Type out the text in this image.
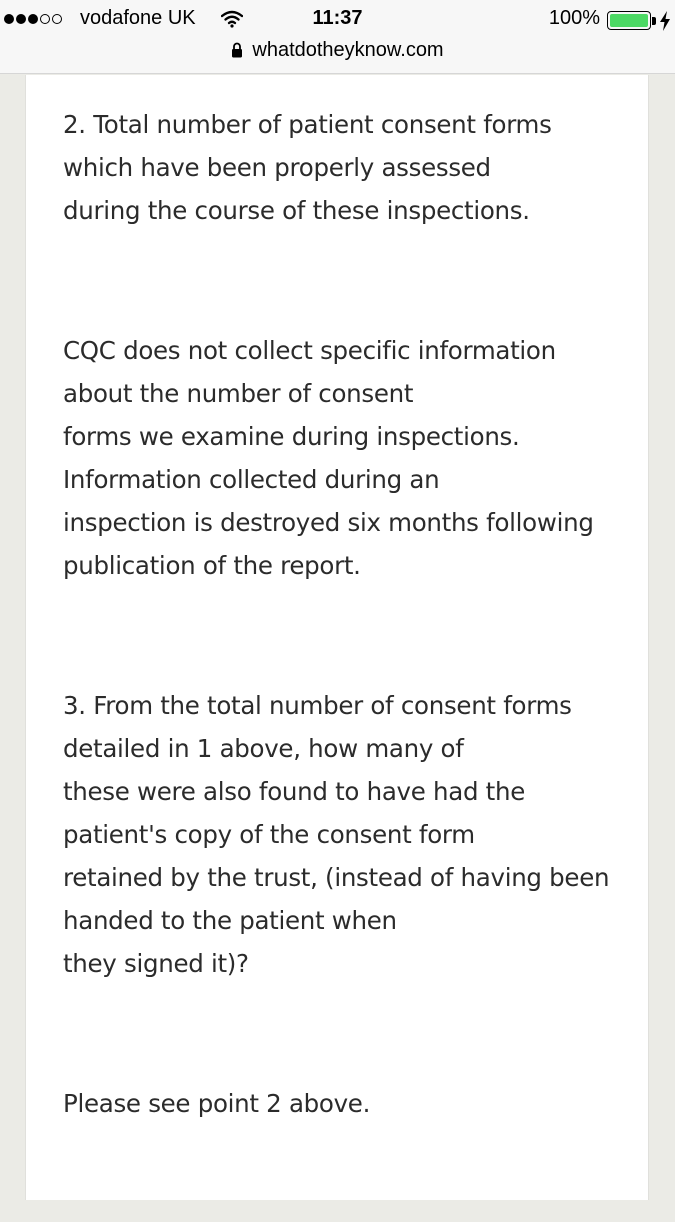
vodafone UK	11:37	100%
whatdotheyknow.com
2. Total number of patient consent forms
which have been properly assessed
during the course of these inspections.
CQC does not collect specific information
about the number of consent
forms we examine during inspections.
Information collected during an
inspection is destroyed six months following
publication of the report.
3. From the total number of consent forms
detailed in 1 above, how many of
these were also found to have had the
patient's copy of the consent form
retained by the trust, (instead of having been
handed to the patient when
they signed it)?
Please see point 2 above.
